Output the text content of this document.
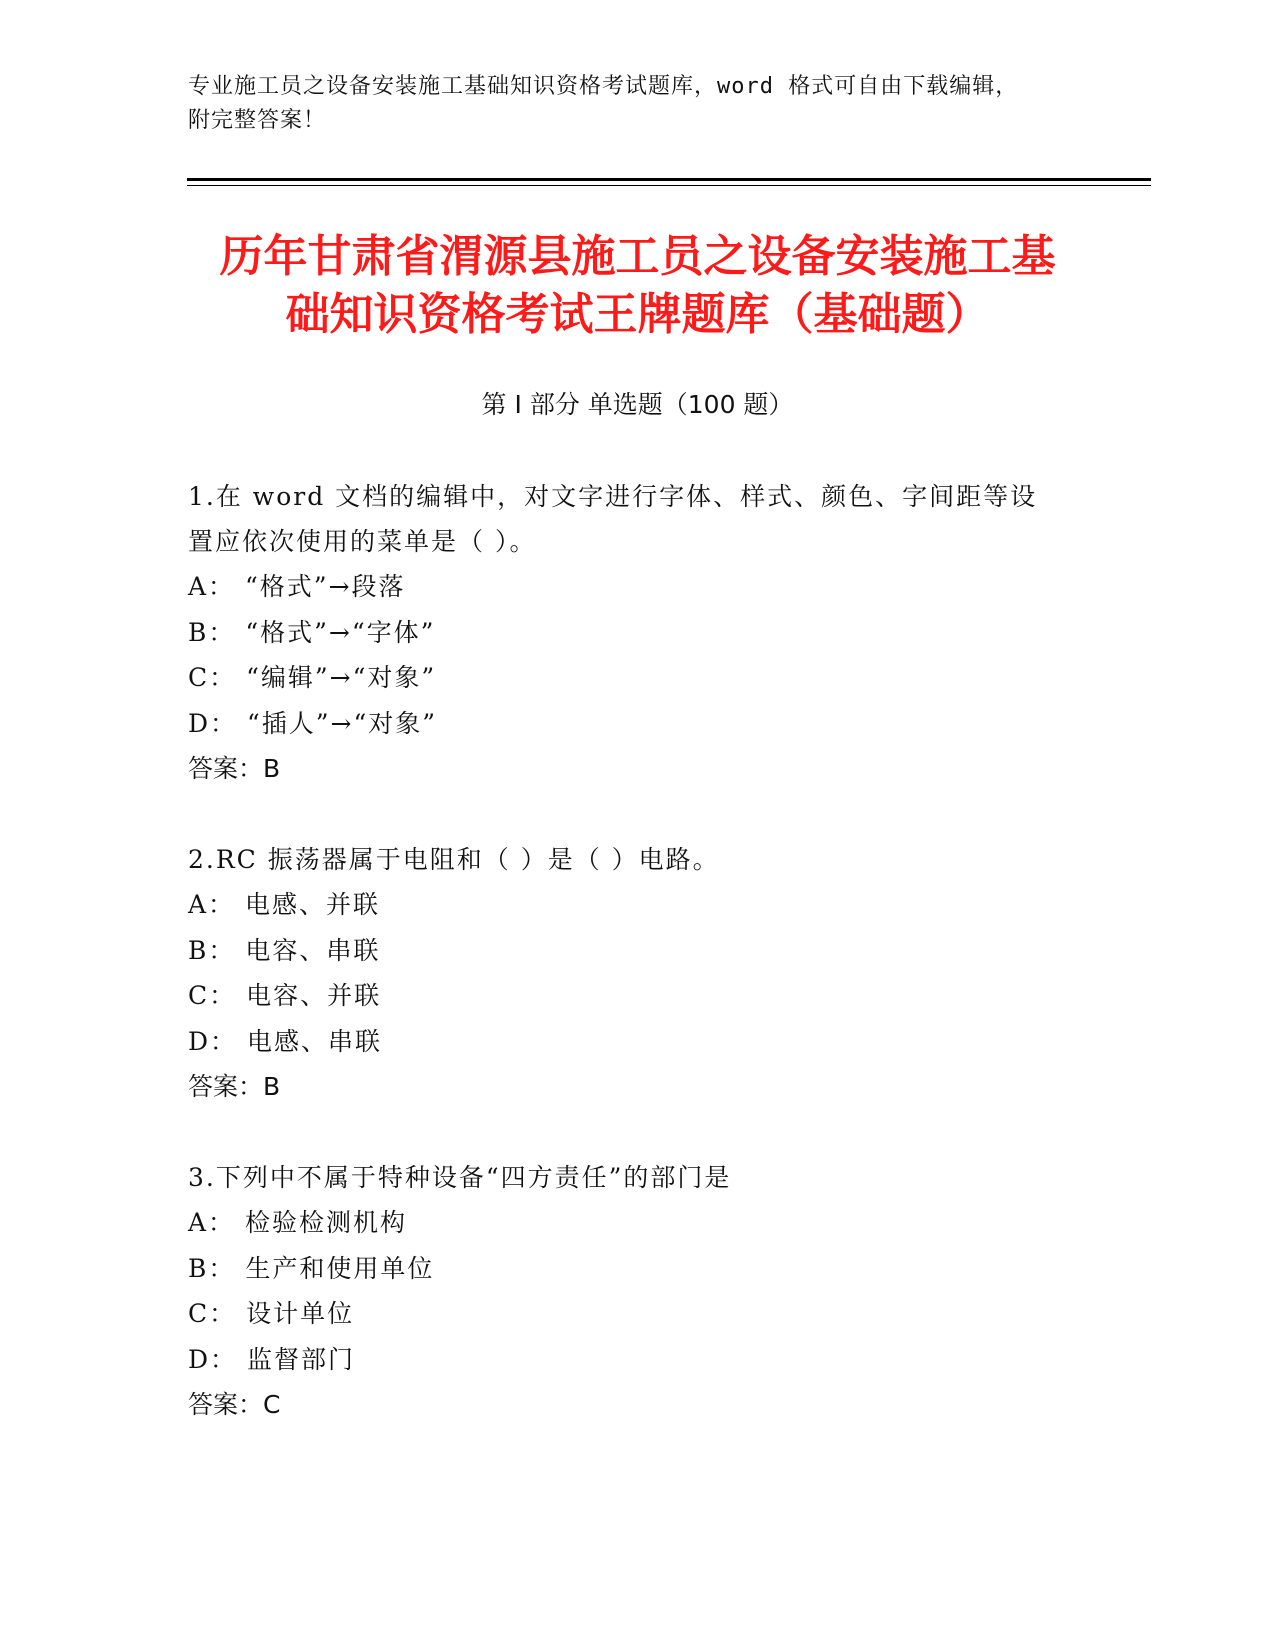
专业施工员之设备安装施工基础知识资格考试题库，word 格式可自由下载编辑，
附完整答案！
历年甘肃省渭源县施工员之设备安装施工基
础知识资格考试王牌题库（基础题）
第 I 部分 单选题（100 题）

1.在 word 文档的编辑中，对文字进行字体、样式、颜色、字间距等设
置应依次使用的菜单是（ ）。

A： “格式”→段落

B： “格式”→“字体”

C： “编辑”→“对象”

D： “插人”→“对象”

答案：B

2.RC 振荡器属于电阻和（ ）是（ ）电路。

A： 电感、并联

B： 电容、串联

C： 电容、并联

D： 电感、串联

答案：B

3.下列中不属于特种设备“四方责任”的部门是

A： 检验检测机构

B： 生产和使用单位

C： 设计单位

D： 监督部门

答案：C
